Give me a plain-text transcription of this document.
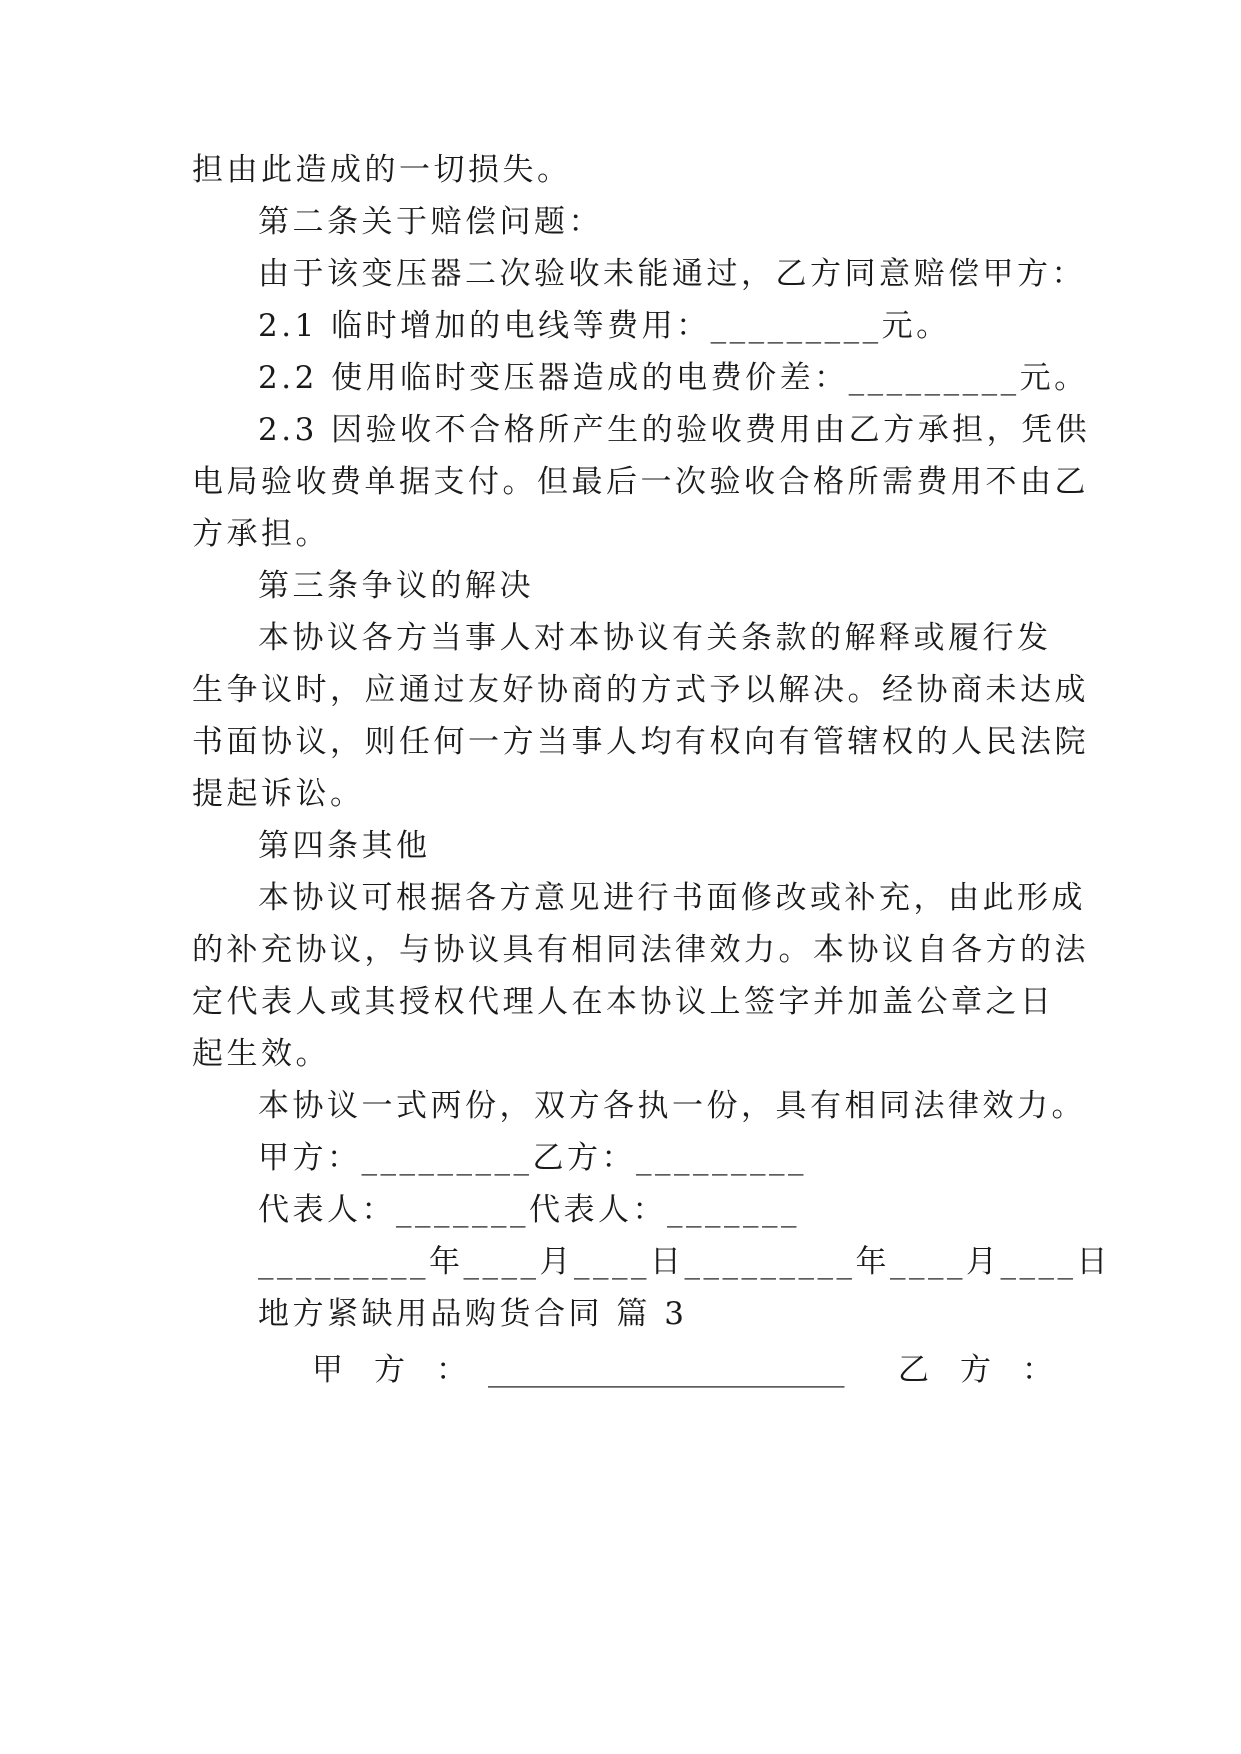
担由此造成的一切损失。
第二条关于赔偿问题：
由于该变压器二次验收未能通过，乙方同意赔偿甲方：
2.1 临时增加的电线等费用：_________元。
2.2 使用临时变压器造成的电费价差：_________元。
2.3 因验收不合格所产生的验收费用由乙方承担，凭供
电局验收费单据支付。但最后一次验收合格所需费用不由乙
方承担。
第三条争议的解决
本协议各方当事人对本协议有关条款的解释或履行发
生争议时，应通过友好协商的方式予以解决。经协商未达成
书面协议，则任何一方当事人均有权向有管辖权的人民法院
提起诉讼。
第四条其他
本协议可根据各方意见进行书面修改或补充，由此形成
的补充协议，与协议具有相同法律效力。本协议自各方的法
定代表人或其授权代理人在本协议上签字并加盖公章之日
起生效。
本协议一式两份，双方各执一份，具有相同法律效力。
甲方：_________乙方：_________
代表人：_______代表人：_______
_________年____月____日_________年____月____日
地方紧缺用品购货合同 篇 3
甲　方　： _______________________ 乙　方　：
